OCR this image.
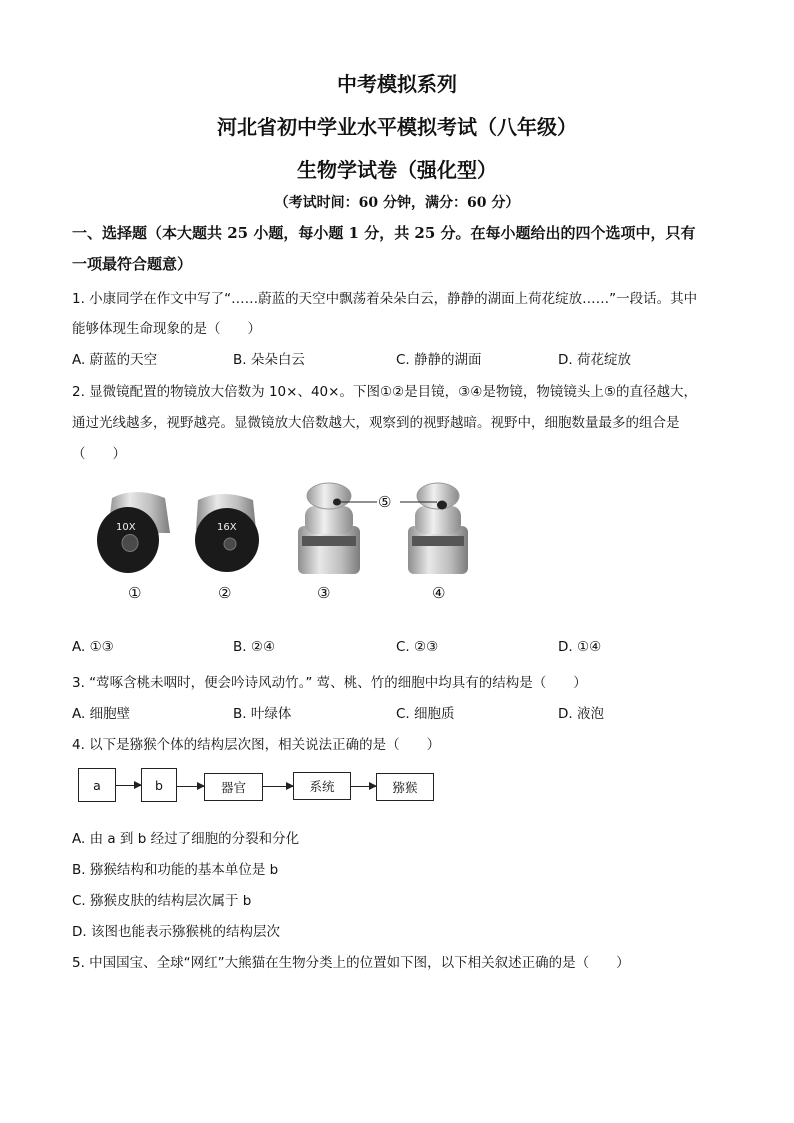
中考模拟系列
河北省初中学业水平模拟考试（八年级）
生物学试卷（强化型）
（考试时间：60 分钟，满分：60 分）
一、选择题（本大题共 25 小题，每小题 1 分，共 25 分。在每小题给出的四个选项中，只有
一项最符合题意）
1. 小康同学在作文中写了“……蔚蓝的天空中飘荡着朵朵白云，静静的湖面上荷花绽放……”一段话。其中
能够体现生命现象的是（　　）
A. 蔚蓝的天空	B. 朵朵白云	C. 静静的湖面	D. 荷花绽放
2. 显微镜配置的物镜放大倍数为 10×、40×。下图①②是目镜，③④是物镜，物镜镜头上⑤的直径越大，
通过光线越多，视野越亮。显微镜放大倍数越大，观察到的视野越暗。视野中，细胞数量最多的组合是
（　　）
10X	16X
⑤
①	②	③	④
A. ①③	B. ②④	C. ②③	D. ①④
3. “莺啄含桃未咽时，便会吟诗风动竹。” 莺、桃、竹的细胞中均具有的结构是（　　）
A. 细胞壁	B. 叶绿体	C. 细胞质	D. 液泡
4. 以下是猕猴个体的结构层次图，相关说法正确的是（　　）
a	b	器官	系统	猕猴
A. 由 a 到 b 经过了细胞的分裂和分化
B. 猕猴结构和功能的基本单位是 b
C. 猕猴皮肤的结构层次属于 b
D. 该图也能表示猕猴桃的结构层次
5. 中国国宝、全球“网红”大熊猫在生物分类上的位置如下图，以下相关叙述正确的是（　　）
